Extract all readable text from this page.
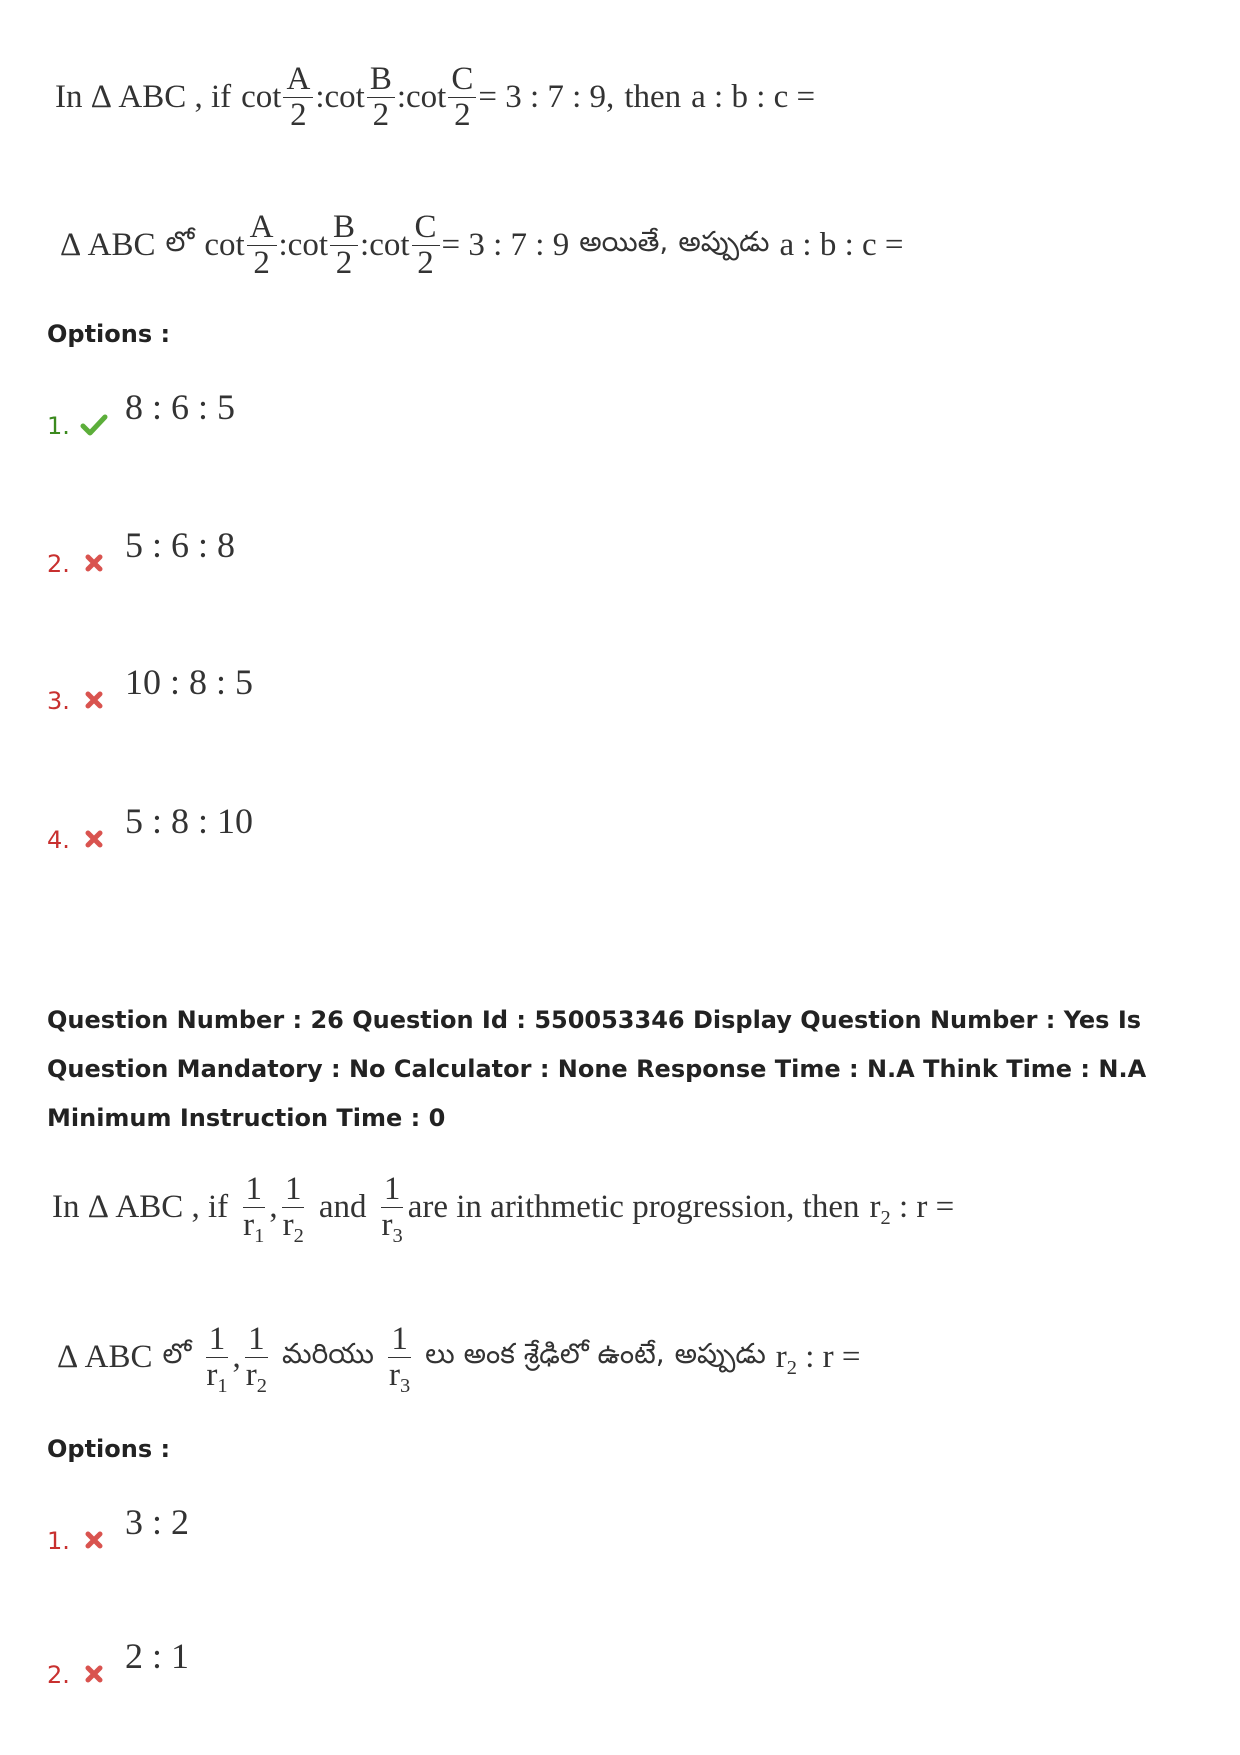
In Δ ABC , if $\cot \frac{A}{2}$ : $\cot \frac{B}{2}$ : $\cot \frac{C}{2} = 3$ : 7 : 9, then a : b : c =
Δ ABC లో $\cot \frac{A}{2}$ : $\cot \frac{B}{2}$ : $\cot \frac{C}{2} = 3$ : 7 : 9 అయితే, అప్పుడు a : b : c =
Options :
1. 8 : 6 : 5
2. 5 : 6 : 8
3. 10 : 8 : 5
4. 5 : 8 : 10
Question Number : 26 Question Id : 550053346 Display Question Number : Yes Is Question Mandatory : No Calculator : None Response Time : N.A Think Time : N.A Minimum Instruction Time : 0
In Δ ABC , if $\frac{1}{r_1}$ , $\frac{1}{r_2}$ and $\frac{1}{r_3}$ are in arithmetic progression, then $r_2$ : r =
Δ ABC లో $\frac{1}{r_1}$ , $\frac{1}{r_2}$ మరియు $\frac{1}{r_3}$ లు అంక శ్రేఢిలో ఉంటే, అప్పుడు $r_2$ : r =
Options :
1. 3 : 2
2. 2 : 1
